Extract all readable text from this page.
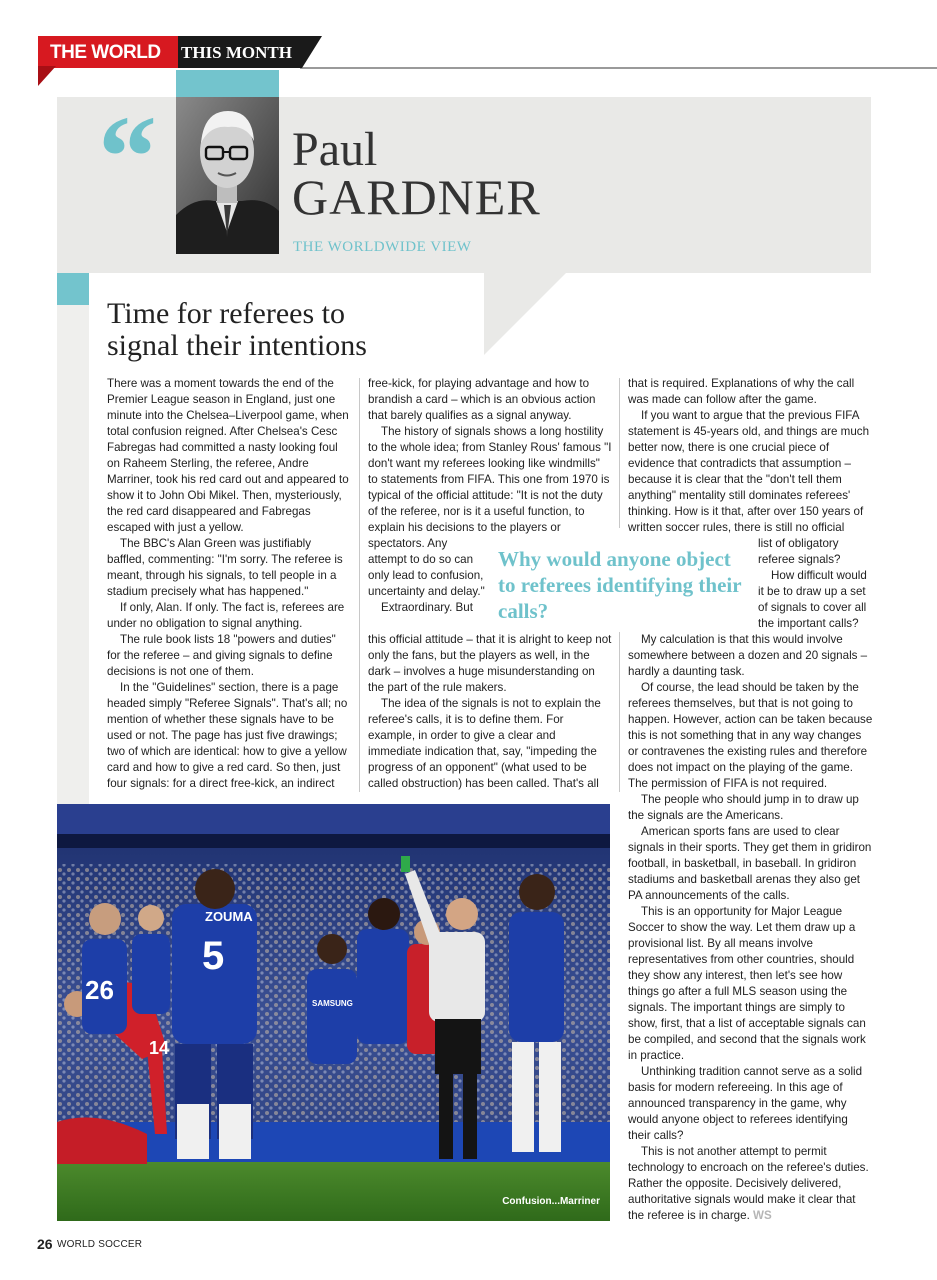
THE WORLD THIS MONTH
“	Paul
GARDNER
THE WORLDWIDE VIEW
Time for referees to
signal their intentions

There was a moment towards the end of the Premier League season in England, just one minute into the Chelsea–Liverpool game, when total confusion reigned. After Chelsea's Cesc Fabregas had committed a nasty looking foul on Raheem Sterling, the referee, Andre Marriner, took his red card out and appeared to show it to John Obi Mikel. Then, mysteriously, the red card disappeared and Fabregas escaped with just a yellow.

The BBC's Alan Green was justifiably baffled, commenting: "I'm sorry. The referee is meant, through his signals, to tell people in a stadium precisely what has happened."

If only, Alan. If only. The fact is, referees are under no obligation to signal anything.

The rule book lists 18 "powers and duties" for the referee – and giving signals to define decisions is not one of them.

In the "Guidelines" section, there is a page headed simply "Referee Signals". That's all; no mention of whether these signals have to be used or not. The page has just five drawings; two of which are identical: how to give a yellow card and how to give a red card. So then, just four signals: for a direct free-kick, an indirect

free-kick, for playing advantage and how to brandish a card – which is an obvious action that barely qualifies as a signal anyway.

The history of signals shows a long hostility to the whole idea; from Stanley Rous' famous "I don't want my referees looking like windmills" to statements from FIFA. This one from 1970 is typical of the official attitude: "It is not the duty of the referee, nor is it a useful function, to explain his decisions to the players or

spectators. Any attempt to do so can only lead to confusion, uncertainty and delay."

Extraordinary. But

this official attitude – that it is alright to keep not only the fans, but the players as well, in the dark – involves a huge misunderstanding on the part of the rule makers.

The idea of the signals is not to explain the referee's calls, it is to define them. For example, in order to give a clear and immediate indication that, say, "impeding the progress of an opponent" (what used to be called obstruction) has been called. That's all

Why would anyone object to referees identifying their calls?

that is required. Explanations of why the call was made can follow after the game.

If you want to argue that the previous FIFA statement is 45-years old, and things are much better now, there is one crucial piece of evidence that contradicts that assumption – because it is clear that the "don't tell them anything" mentality still dominates referees' thinking. How is it that, after over 150 years of written soccer rules, there is still no official

list of obligatory referee signals?

How difficult would it be to draw up a set of signals to cover all the important calls?

My calculation is that this would involve somewhere between a dozen and 20 signals – hardly a daunting task.

Of course, the lead should be taken by the referees themselves, but that is not going to happen. However, action can be taken because this is not something that in any way changes or contravenes the existing rules and therefore does not impact on the playing of the game. The permission of FIFA is not required.

The people who should jump in to draw up the signals are the Americans.

American sports fans are used to clear signals in their sports. They get them in gridiron football, in basketball, in baseball. In gridiron stadiums and basketball arenas they also get PA announcements of the calls.

This is an opportunity for Major League Soccer to show the way. Let them draw up a provisional list. By all means involve representatives from other countries, should they show any interest, then let's see how things go after a full MLS season using the signals. The important things are simply to show, first, that a list of acceptable signals can be compiled, and second that the signals work in practice.

Unthinking tradition cannot serve as a solid basis for modern refereeing. In this age of announced transparency in the game, why would anyone object to referees identifying their calls?

This is not another attempt to permit technology to encroach on the referee's duties. Rather the opposite. Decisively delivered, authoritative signals would make it clear that the referee is in charge. WS

26
ZOUMA
5
SAMSUNG
14
Confusion...Marriner
26 WORLD SOCCER
